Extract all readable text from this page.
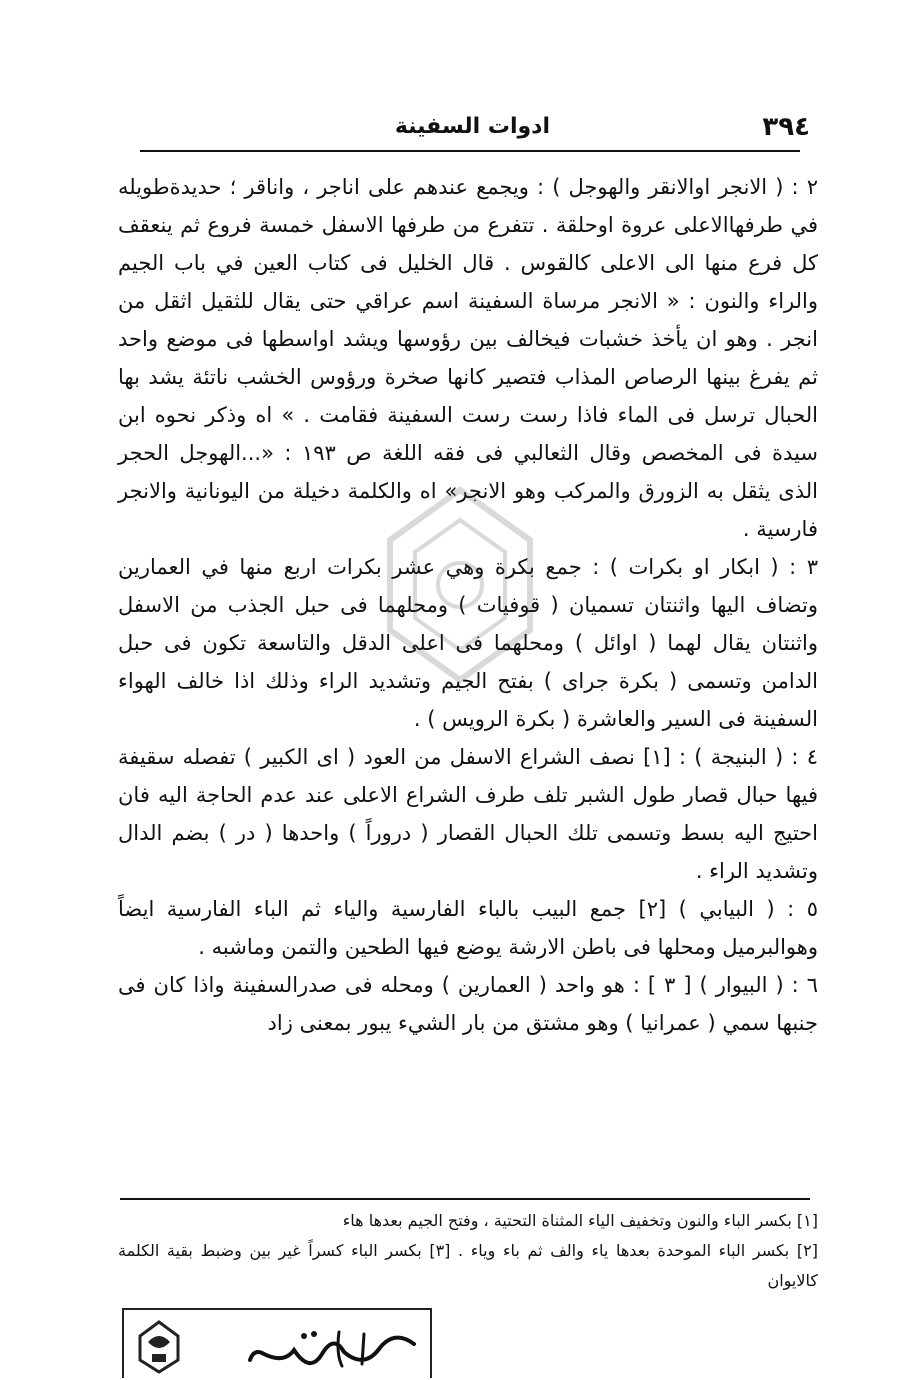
٣٩٤
ادوات السفينة

٢ : ( الانجر اوالانقر والهوجل ) : ويجمع عندهم على اناجر ، واناقر ؛ حديدةطويله في طرفهاالاعلى عروة اوحلقة . تتفرع من طرفها الاسفل خمسة فروع ثم ينعقف كل فرع منها الى الاعلى كالقوس . قال الخليل فى كتاب العين في باب الجيم والراء والنون : « الانجر مرساة السفينة اسم عراقي حتى يقال للثقيل اثقل من انجر . وهو ان يأخذ خشبات فيخالف بين رؤوسها ويشد اواسطها فى موضع واحد ثم يفرغ بينها الرصاص المذاب فتصير كانها صخرة ورؤوس الخشب ناتئة يشد بها الحبال ترسل فى الماء فاذا رست رست السفينة فقامت . » اه وذكر نحوه ابن سيدة فى المخصص وقال الثعالبي فى فقه اللغة ص ١٩٣ : «...الهوجل الحجر الذى يثقل به الزورق والمركب وهو الانجر» اه والكلمة دخيلة من اليونانية والانجر فارسية .

٣ : ( ابكار او بكرات ) : جمع بكرة وهي عشر بكرات اربع منها في العمارين وتضاف اليها واثنتان تسميان ( قوفيات ) ومحلهما فى حبل الجذب من الاسفل واثنتان يقال لهما ( اوائل ) ومحلهما فى اعلى الدقل والتاسعة تكون فى حبل الدامن وتسمى ( بكرة جراى ) بفتح الجيم وتشديد الراء وذلك اذا خالف الهواء السفينة فى السير والعاشرة ( بكرة الرويس ) .

٤ : ( البنيجة ) : [١] نصف الشراع الاسفل من العود ( اى الكبير ) تفصله سقيفة فيها حبال قصار طول الشبر تلف طرف الشراع الاعلى عند عدم الحاجة اليه فان احتيج اليه بسط وتسمى تلك الحبال القصار ( دروراً ) واحدها ( در ) بضم الدال وتشديد الراء .

٥ : ( البيابي ) [٢] جمع البيب بالباء الفارسية والياء ثم الباء الفارسية ايضاً وهوالبرميل ومحلها فى باطن الارشة يوضع فيها الطحين والتمن وماشبه .

٦ : ( البيوار ) [ ٣ ] : هو واحد ( العمارين ) ومحله فى صدرالسفينة واذا كان فى جنبها سمي ( عمرانيا ) وهو مشتق من بار الشيء يبور بمعنى زاد

[١] بكسر الباء والنون وتخفيف الياء المثناة التحتية ، وفتح الجيم بعدها هاء

[٢] بكسر الباء الموحدة بعدها ياء والف ثم باء وياء . [٣] بكسر الباء كسراً غير بين وضبط بقية الكلمة كالايوان
